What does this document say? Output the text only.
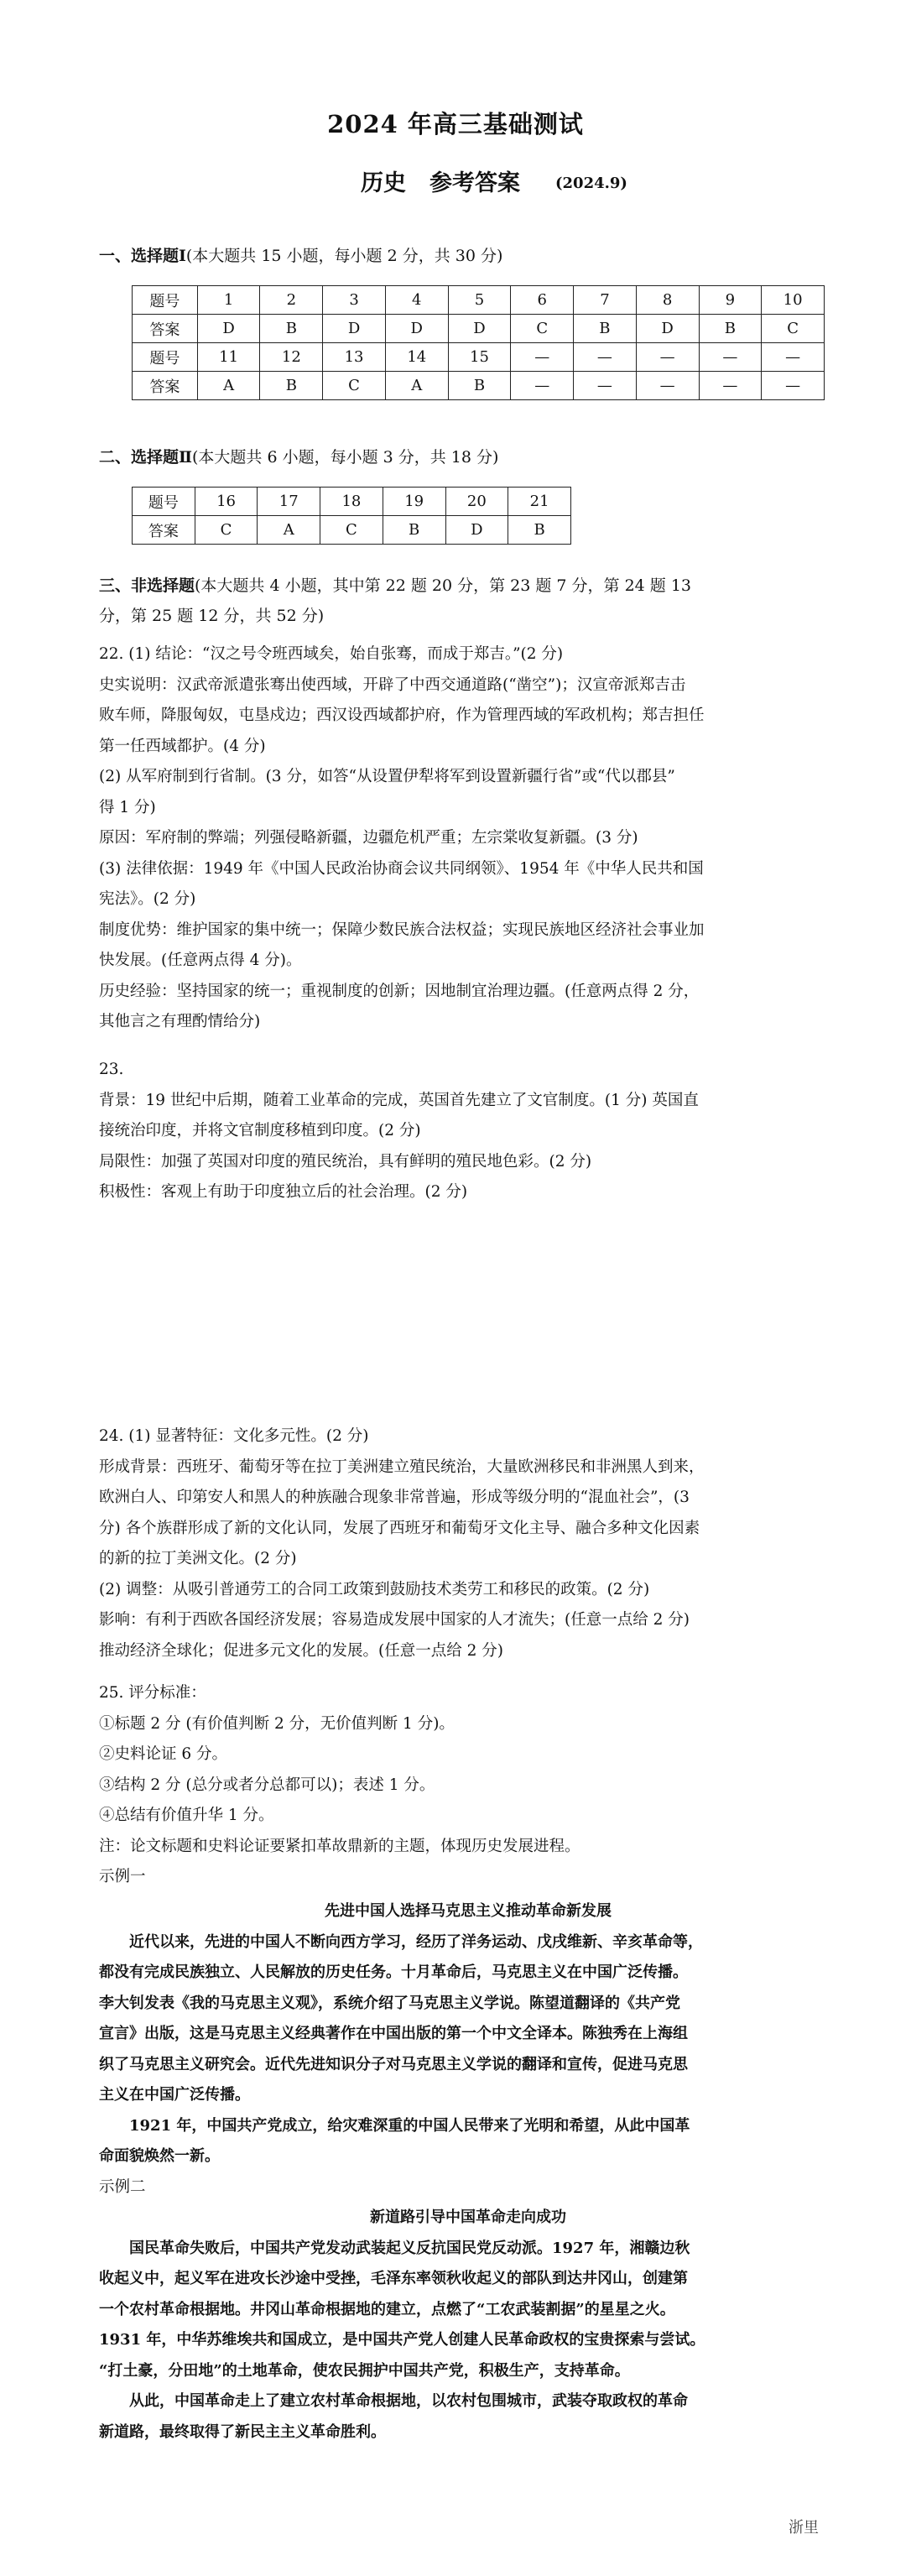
2024 年高三基础测试
历史 参考答案 (2024.9)
一、选择题Ⅰ(本大题共 15 小题，每小题 2 分，共 30 分)
题号	1	2	3	4	5	6	7	8	9	10
答案	D	B	D	D	D	C	B	D	B	C
题号	11	12	13	14	15	—	—	—	—	—
答案	A	B	C	A	B	—	—	—	—	—
二、选择题Ⅱ(本大题共 6 小题，每小题 3 分，共 18 分)
题号	16	17	18	19	20	21
答案	C	A	C	B	D	B
三、非选择题(本大题共 4 小题，其中第 22 题 20 分，第 23 题 7 分，第 24 题 13
分，第 25 题 12 分，共 52 分)

22. (1) 结论：“汉之号令班西域矣，始自张骞，而成于郑吉。”(2 分)

史实说明：汉武帝派遣张骞出使西域，开辟了中西交通道路(“凿空”)；汉宣帝派郑吉击

败车师，降服匈奴，屯垦戍边；西汉设西域都护府，作为管理西域的军政机构；郑吉担任

第一任西域都护。(4 分)

(2) 从军府制到行省制。(3 分，如答“从设置伊犁将军到设置新疆行省”或“代以郡县”

得 1 分)

原因：军府制的弊端；列强侵略新疆，边疆危机严重；左宗棠收复新疆。(3 分)

(3) 法律依据：1949 年《中国人民政治协商会议共同纲领》、1954 年《中华人民共和国

宪法》。(2 分)

制度优势：维护国家的集中统一；保障少数民族合法权益；实现民族地区经济社会事业加

快发展。(任意两点得 4 分)。

历史经验：坚持国家的统一；重视制度的创新；因地制宜治理边疆。(任意两点得 2 分，

其他言之有理酌情给分)

23.

背景：19 世纪中后期，随着工业革命的完成，英国首先建立了文官制度。(1 分) 英国直

接统治印度，并将文官制度移植到印度。(2 分)

局限性：加强了英国对印度的殖民统治，具有鲜明的殖民地色彩。(2 分)

积极性：客观上有助于印度独立后的社会治理。(2 分)

24. (1) 显著特征：文化多元性。(2 分)

形成背景：西班牙、葡萄牙等在拉丁美洲建立殖民统治，大量欧洲移民和非洲黑人到来，

欧洲白人、印第安人和黑人的种族融合现象非常普遍，形成等级分明的“混血社会”，(3

分) 各个族群形成了新的文化认同，发展了西班牙和葡萄牙文化主导、融合多种文化因素

的新的拉丁美洲文化。(2 分)

(2) 调整：从吸引普通劳工的合同工政策到鼓励技术类劳工和移民的政策。(2 分)

影响：有利于西欧各国经济发展；容易造成发展中国家的人才流失；(任意一点给 2 分)

推动经济全球化；促进多元文化的发展。(任意一点给 2 分)

25. 评分标准：

①标题 2 分 (有价值判断 2 分，无价值判断 1 分)。

②史料论证 6 分。

③结构 2 分 (总分或者分总都可以)；表述 1 分。

④总结有价值升华 1 分。

注：论文标题和史料论证要紧扣革故鼎新的主题，体现历史发展进程。

示例一

先进中国人选择马克思主义推动革命新发展

近代以来，先进的中国人不断向西方学习，经历了洋务运动、戊戌维新、辛亥革命等，

都没有完成民族独立、人民解放的历史任务。十月革命后，马克思主义在中国广泛传播。

李大钊发表《我的马克思主义观》，系统介绍了马克思主义学说。陈望道翻译的《共产党

宣言》出版，这是马克思主义经典著作在中国出版的第一个中文全译本。陈独秀在上海组

织了马克思主义研究会。近代先进知识分子对马克思主义学说的翻译和宣传，促进马克思

主义在中国广泛传播。

1921 年，中国共产党成立，给灾难深重的中国人民带来了光明和希望，从此中国革

命面貌焕然一新。

示例二

新道路引导中国革命走向成功

国民革命失败后，中国共产党发动武装起义反抗国民党反动派。1927 年，湘赣边秋

收起义中，起义军在进攻长沙途中受挫，毛泽东率领秋收起义的部队到达井冈山，创建第

一个农村革命根据地。井冈山革命根据地的建立，点燃了“工农武装割据”的星星之火。

1931 年，中华苏维埃共和国成立，是中国共产党人创建人民革命政权的宝贵探索与尝试。

“打土豪，分田地”的土地革命，使农民拥护中国共产党，积极生产，支持革命。

从此，中国革命走上了建立农村革命根据地，以农村包围城市，武装夺取政权的革命

新道路，最终取得了新民主主义革命胜利。

浙里
